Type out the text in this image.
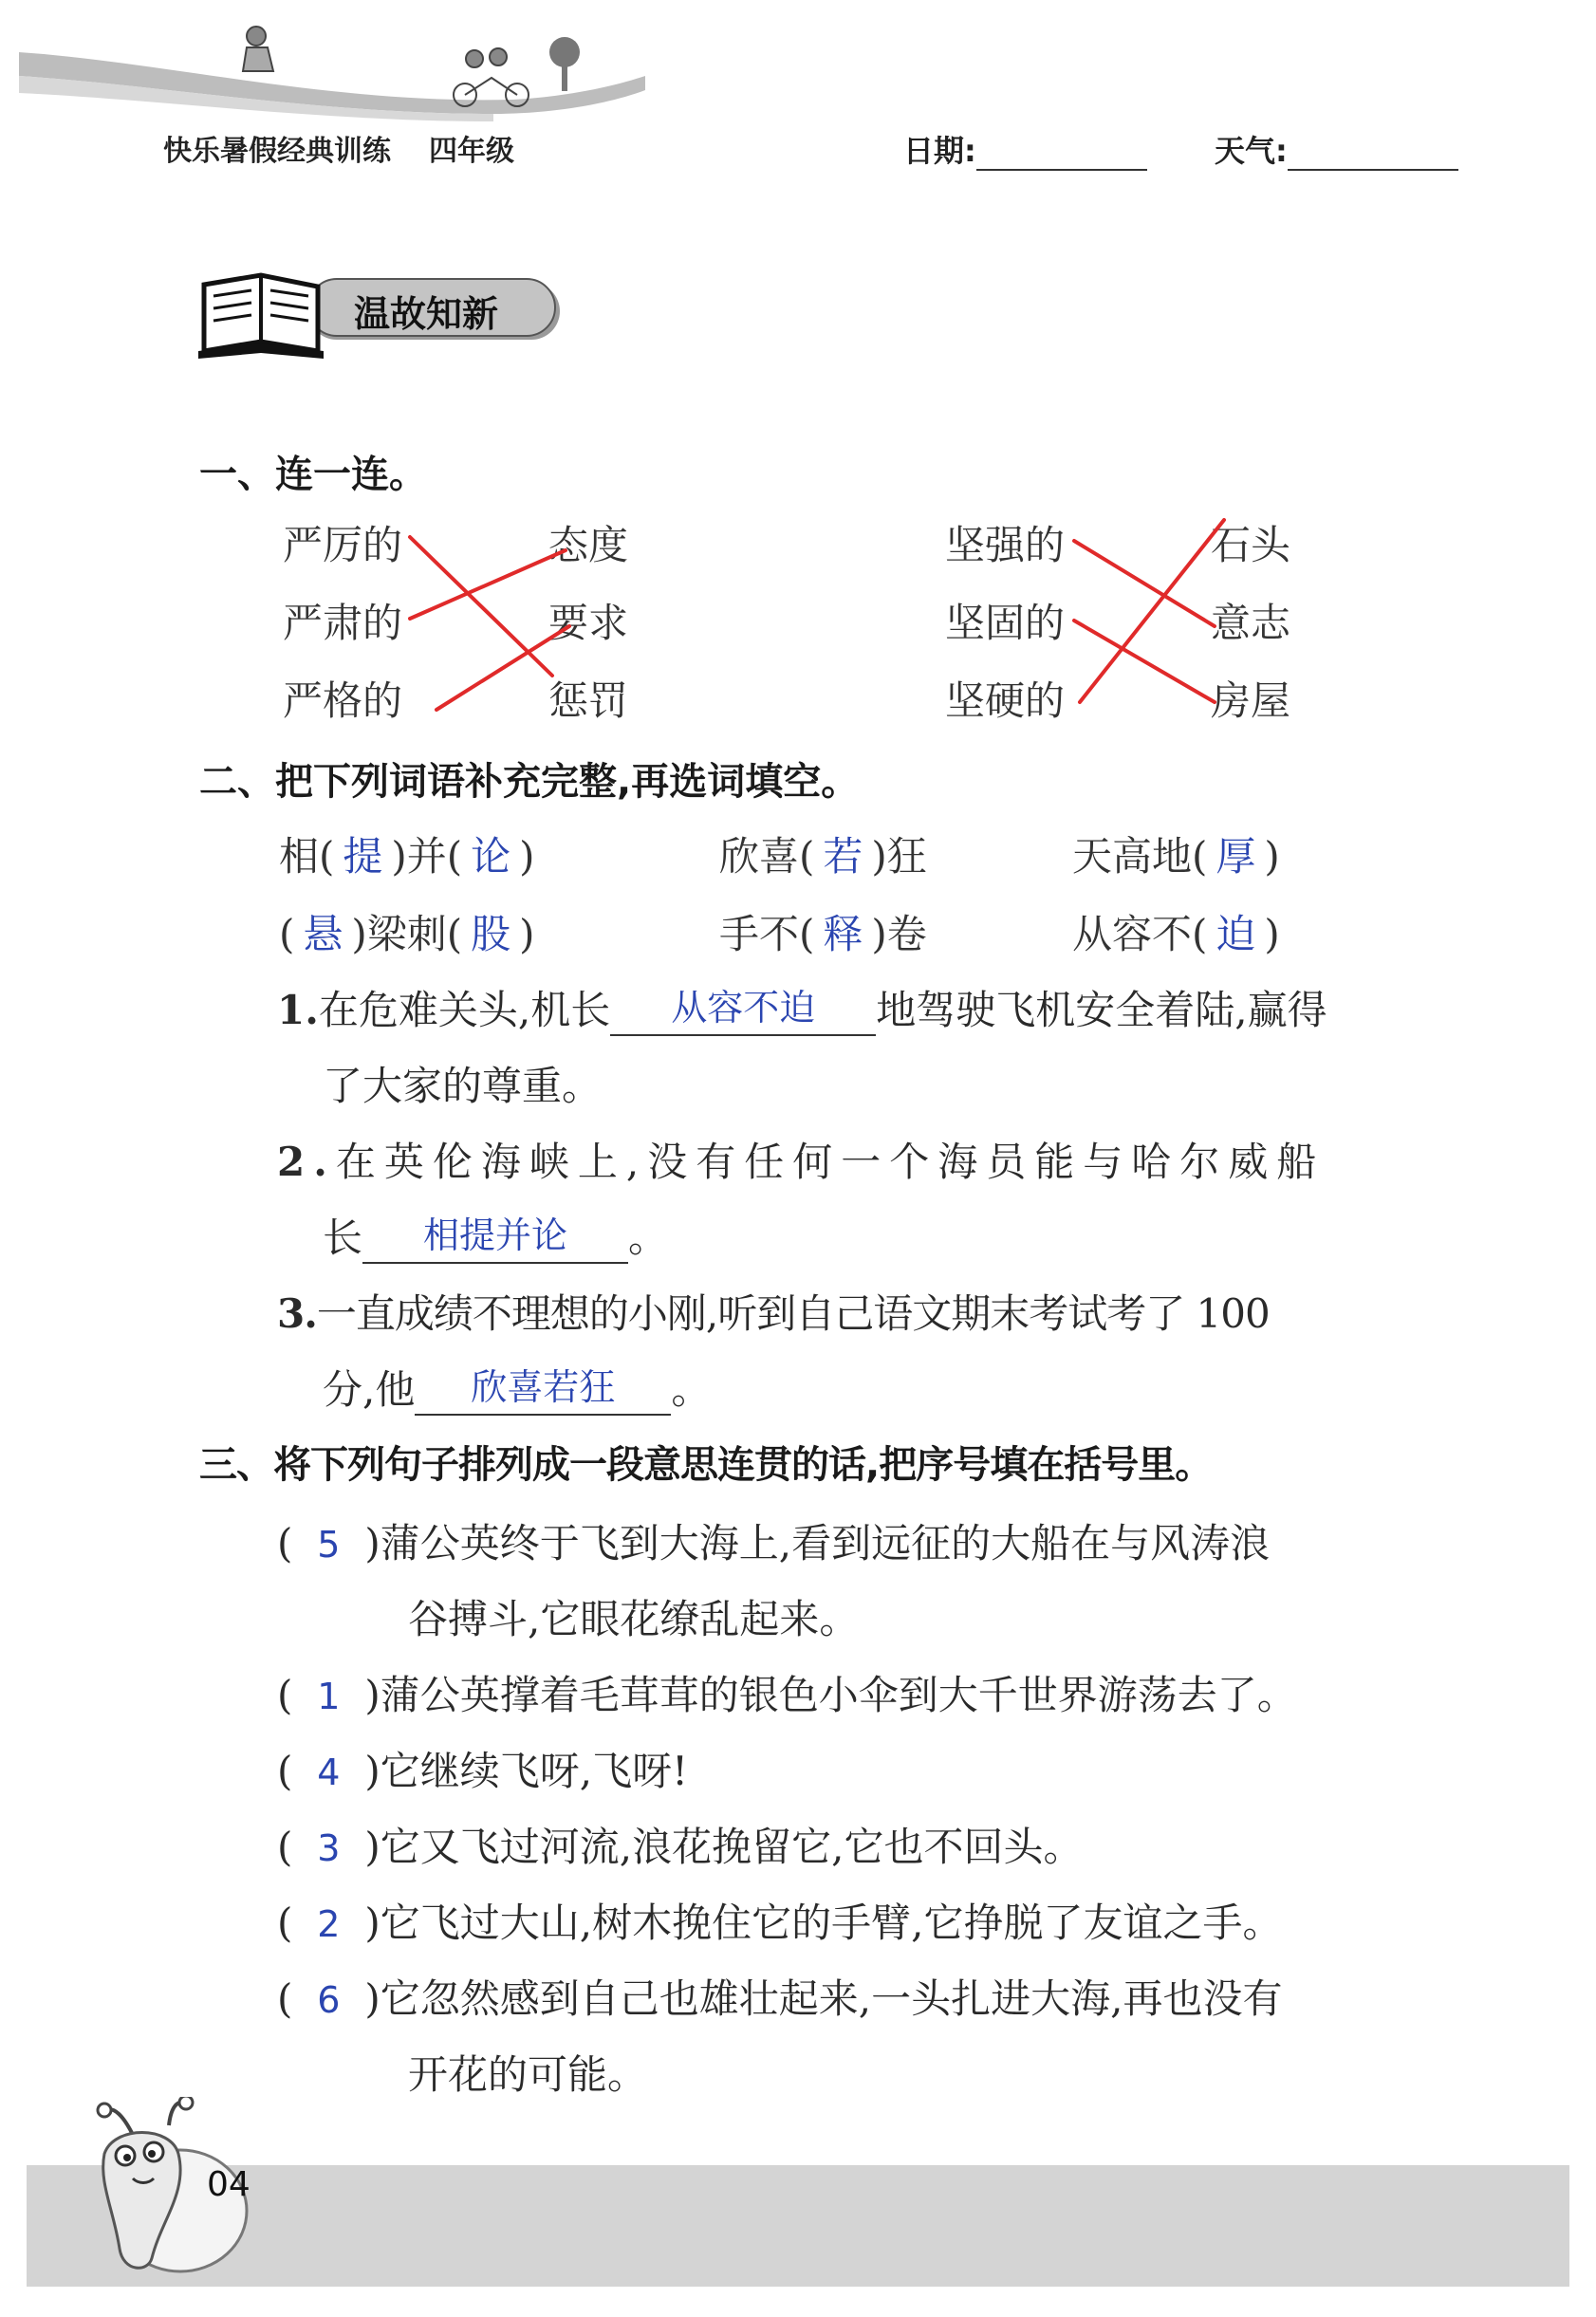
快乐暑假经典训练 四年级	日期:	天气:
温故知新
一、连一连。
严厉的
严肃的
严格的
态度
要求
惩罚
坚强的
坚固的
坚硬的
石头
意志
房屋
二、把下列词语补充完整,再选词填空。
相( 提 )并( 论 )	欣喜( 若 )狂	天高地( 厚 )
( 悬 )梁刺( 股 )	手不( 释 )卷	从容不( 迫 )
1.在危难关头,机长	从容不迫	地驾驶飞机安全着陆,赢得
了大家的尊重。
2.在英伦海峡上,没有任何一个海员能与哈尔威船
长	相提并论	。
3.一直成绩不理想的小刚,听到自己语文期末考试考了 100
分,他	欣喜若狂	。
三、将下列句子排列成一段意思连贯的话,把序号填在括号里。
( 5 )蒲公英终于飞到大海上,看到远征的大船在与风涛浪
谷搏斗,它眼花缭乱起来。
( 1 )蒲公英撑着毛茸茸的银色小伞到大千世界游荡去了。
( 4 )它继续飞呀,飞呀!
( 3 )它又飞过河流,浪花挽留它,它也不回头。
( 2 )它飞过大山,树木挽住它的手臂,它挣脱了友谊之手。
( 6 )它忽然感到自己也雄壮起来,一头扎进大海,再也没有
开花的可能。
04
